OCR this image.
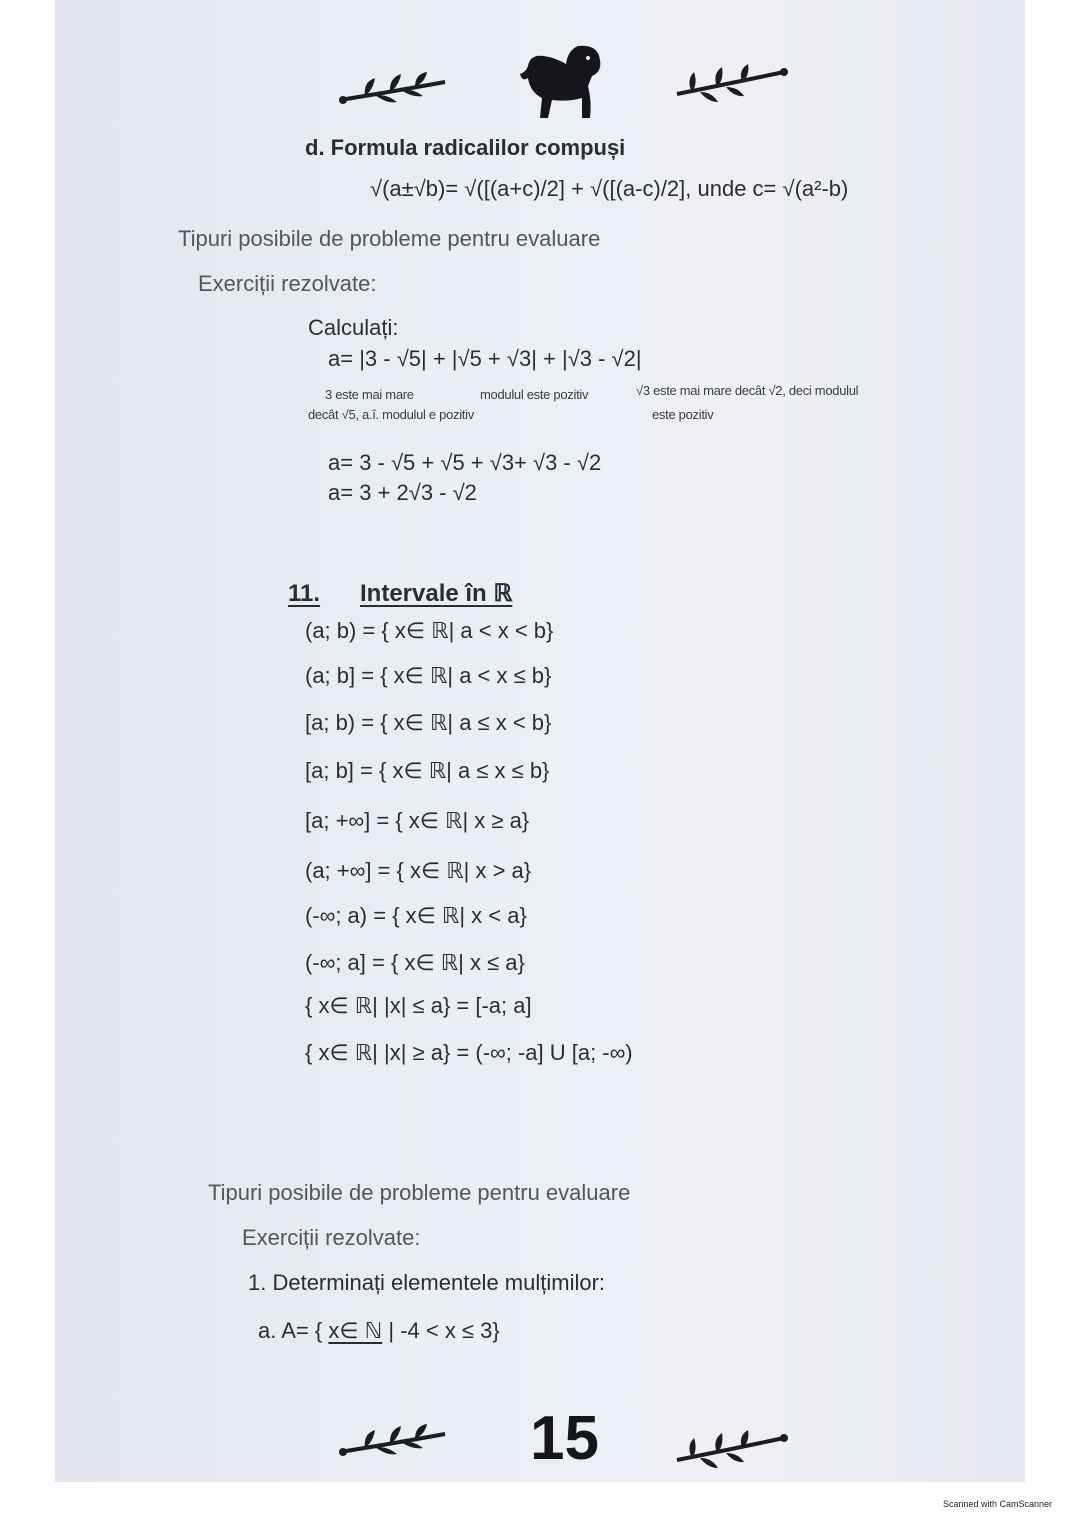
d. Formula radicalilor compuși
√(a±√b)= √([(a+c)/2] + √([(a-c)/2], unde c= √(a²-b)
Tipuri posibile de probleme pentru evaluare
Exerciții rezolvate:
Calculați:
a= |3 - √5| + |√5 + √3| + |√3 - √2|
3 este mai mare
decât √5, a.î. modulul e pozitiv
modulul este pozitiv	√3 este mai mare decât √2, deci modulul
este pozitiv
a= 3 - √5 + √5 + √3+ √3 - √2
a= 3 + 2√3 - √2
11. Intervale în ℝ
(a; b) = { x∈ ℝ| a < x < b}
(a; b] = { x∈ ℝ| a < x ≤ b}
[a; b) = { x∈ ℝ| a ≤ x < b}
[a; b] = { x∈ ℝ| a ≤ x ≤ b}
[a; +∞] = { x∈ ℝ| x ≥ a}
(a; +∞] = { x∈ ℝ| x > a}
(-∞; a) = { x∈ ℝ| x < a}
(-∞; a] = { x∈ ℝ| x ≤ a}
{ x∈ ℝ| |x| ≤ a} = [-a; a]
{ x∈ ℝ| |x| ≥ a} = (-∞; -a] U [a; -∞)
Tipuri posibile de probleme pentru evaluare
Exerciții rezolvate:
1. Determinați elementele mulțimilor:
a. A= { x∈ ℕ | -4 < x ≤ 3}
15
Scanned with CamScanner
